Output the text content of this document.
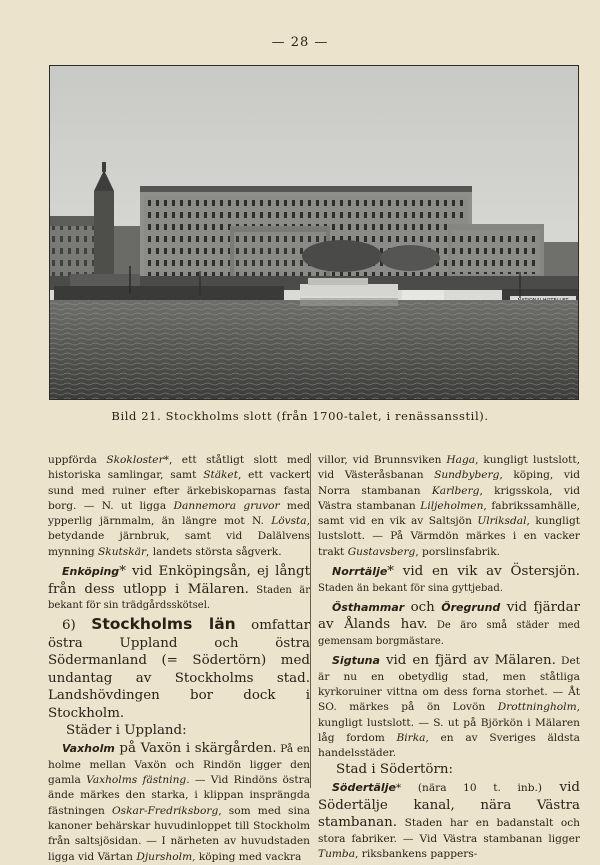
— 28 —
Bild 21. Stockholms slott (från 1700-talet, i renässansstil).

uppförda Skokloster*, ett ståtligt slott med historiska samlingar, samt Stäket, ett vackert sund med ruiner efter ärkebiskoparnas fasta borg. — N. ut ligga Dannemora gruvor med ypperlig järnmalm, än längre mot N. Lövsta, betydande järnbruk, samt vid Dalälvens mynning Skutskär, landets största sågverk.

Enköping* vid Enköpingsån, ej långt från dess utlopp i Mälaren. Staden är bekant för sin trädgårdsskötsel.

6) Stockholms län omfattar östra Uppland och östra Södermanland (= Södertörn) med undantag av Stockholms stad. Landshövdingen bor dock i Stockholm.

Städer i Uppland:

Vaxholm på Vaxön i skärgården. På en holme mellan Vaxön och Rindön ligger den gamla Vaxholms fästning. — Vid Rindöns östra ände märkes den starka, i klippan insprängda fästningen Oskar-Fredriksborg, som med sina kanoner behärskar huvudinloppet till Stockholm från saltsjösidan. — I närheten av huvudstaden ligga vid Värtan Djursholm, köping med vackra

villor, vid Brunnsviken Haga, kungligt lustslott, vid Västeråsbanan Sundbyberg, köping, vid Norra stambanan Karlberg, krigsskola, vid Västra stambanan Liljeholmen, fabrikssamhälle, samt vid en vik av Saltsjön Ulriksdal, kungligt lustslott. — På Värmdön märkes i en vacker trakt Gustavsberg, porslinsfabrik.

Norrtälje* vid en vik av Östersjön. Staden än bekant för sina gyttjebad.

Östhammar och Öregrund vid fjärdar av Ålands hav. De äro små städer med gemensam borgmästare.

Sigtuna vid en fjärd av Mälaren. Det är nu en obetydlig stad, men ståtliga kyrkoruiner vittna om dess forna storhet. — Åt SO. märkes på ön Lovön Drottningholm, kungligt lustslott. — S. ut på Björkön i Mälaren låg fordom Birka, en av Sveriges äldsta handelsstäder.

Stad i Södertörn:

Södertälje* (nära 10 t. inb.) vid Södertälje kanal, nära Västra stambanan. Staden har en badanstalt och stora fabriker. — Vid Västra stambanan ligger Tumba, riksbankens pappers-
